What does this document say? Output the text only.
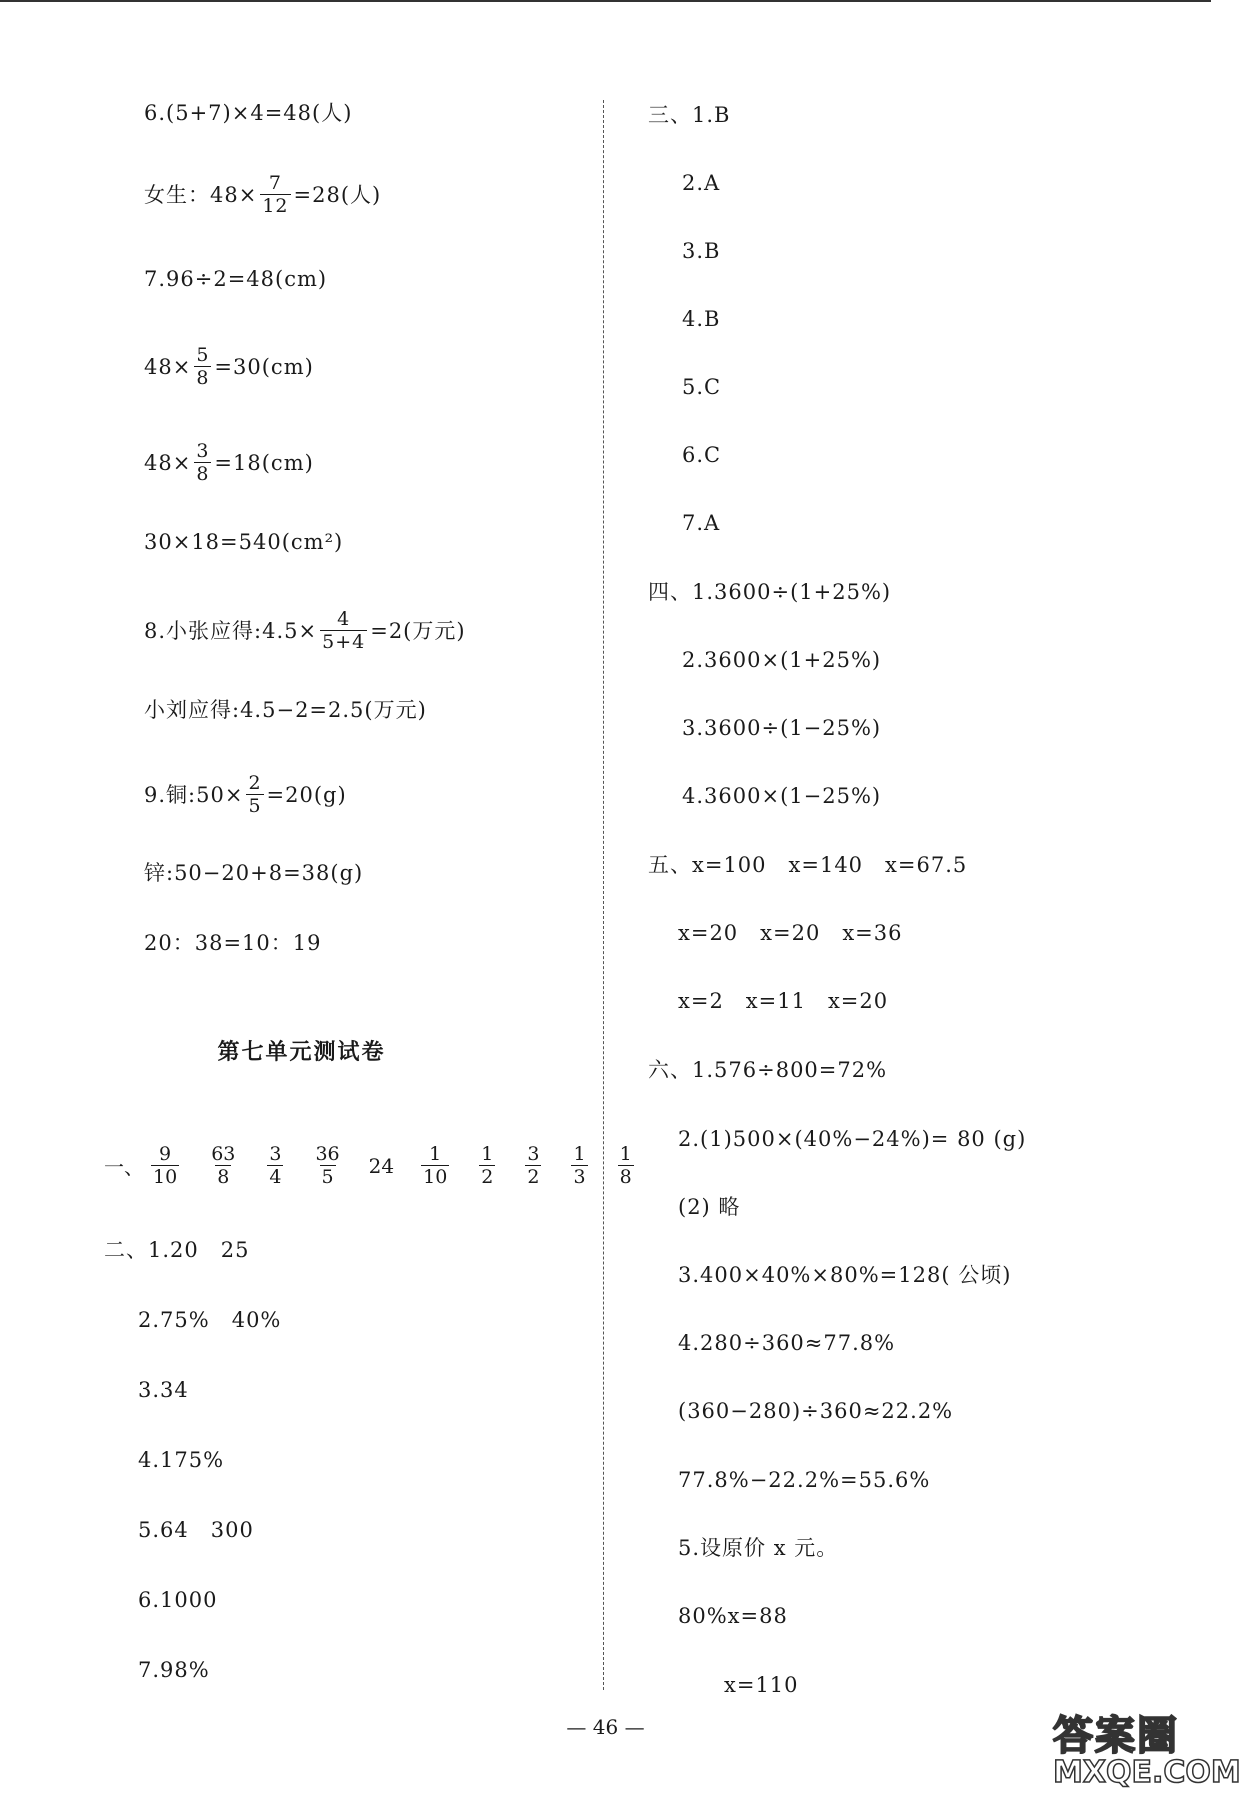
6.(5+7)×4=48(人)
女生：$48\times \frac{7}{12} =28$(人)
7.96÷2=48(cm)
$48\times \frac{5}{8} =30(cm)$
$48\times \frac{3}{8} =18(cm)$
30×18=540(cm²)
8.小张应得:4.5× $\frac{4}{5+4} =2$(万元)
小刘应得:4.5−2=2.5(万元)
9.铜:50× $\frac{2}{5} =20(g)$
锌:50−20+8=38(g)
20：38=10：19
第七单元测试卷
一、 $\frac{9}{10} \frac{63}{8} \frac{3}{4} \frac{36}{5} 24 \frac{1}{10} \frac{1}{2} \frac{3}{2} \frac{1}{3} \frac{1}{8}$
二、1.20　25
2.75%　40%
3.34
4.175%
5.64　300
6.1000
7.98%
三、1.B
2.A
3.B
4.B
5.C
6.C
7.A
四、1.3600÷(1+25%)
2.3600×(1+25%)
3.3600÷(1−25%)
4.3600×(1−25%)
五、x=100　x=140　x=67.5
x=20　x=20　x=36
x=2　x=11　x=20
六、1.576÷800=72%
2.(1)500×(40%−24%)= 80 (g)
(2) 略
3.400×40%×80%=128( 公顷)
4.280÷360≈77.8%
(360−280)÷360≈22.2%
77.8%−22.2%=55.6%
5.设原价 x 元。
80%x=88
x=110
— 46 —	答案圈
MXQE.COM
